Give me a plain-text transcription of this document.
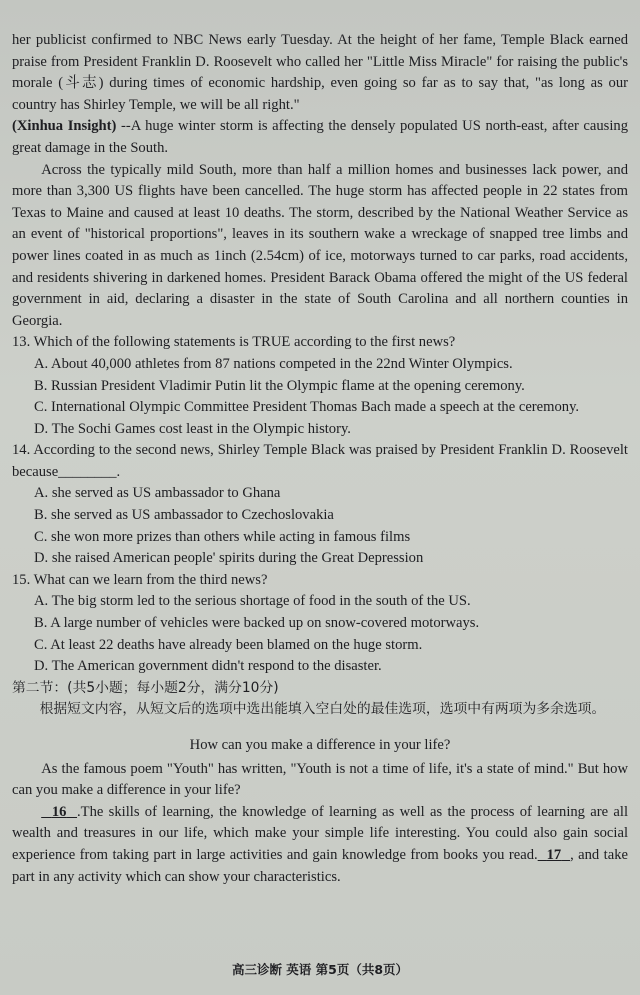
her publicist confirmed to NBC News early Tuesday. At the height of her fame, Temple Black earned praise from President Franklin D. Roosevelt who called her "Little Miss Miracle" for raising the public's morale (斗志) during times of economic hardship, even going so far as to say that, "as long as our country has Shirley Temple, we will be all right."

(Xinhua Insight) --A huge winter storm is affecting the densely populated US north-east, after causing great damage in the South.

Across the typically mild South, more than half a million homes and businesses lack power, and more than 3,300 US flights have been cancelled. The huge storm has affected people in 22 states from Texas to Maine and caused at least 10 deaths. The storm, described by the National Weather Service as an event of "historical proportions", leaves in its southern wake a wreckage of snapped tree limbs and power lines coated in as much as 1inch (2.54cm) of ice, motorways turned to car parks, road accidents, and residents shivering in darkened homes. President Barack Obama offered the might of the US federal government in aid, declaring a disaster in the state of South Carolina and all northern counties in Georgia.

13. Which of the following statements is TRUE according to the first news?

A. About 40,000 athletes from 87 nations competed in the 22nd Winter Olympics.

B. Russian President Vladimir Putin lit the Olympic flame at the opening ceremony.

C. International Olympic Committee President Thomas Bach made a speech at the ceremony.

D. The Sochi Games cost least in the Olympic history.

14. According to the second news, Shirley Temple Black was praised by President Franklin D. Roosevelt because________.

A. she served as US ambassador to Ghana

B. she served as US ambassador to Czechoslovakia

C. she won more prizes than others while acting in famous films

D. she raised American people' spirits during the Great Depression

15. What can we learn from the third news?

A. The big storm led to the serious shortage of food in the south of the US.

B. A large number of vehicles were backed up on snow-covered motorways.

C. At least 22 deaths have already been blamed on the huge storm.

D. The American government didn't respond to the disaster.

第二节：(共5小题；每小题2分，满分10分)

根据短文内容，从短文后的选项中选出能填入空白处的最佳选项，选项中有两项为多余选项。

How can you make a difference in your life?

As the famous poem "Youth" has written, "Youth is not a time of life, it's a state of mind." But how can you make a difference in your life?

16 .The skills of learning, the knowledge of learning as well as the process of learning are all wealth and treasures in our life, which make your simple life interesting. You could also gain social experience from taking part in large activities and gain knowledge from books you read. 17 , and take part in any activity which can show your characteristics.

高三诊断 英语 第5页（共8页）
